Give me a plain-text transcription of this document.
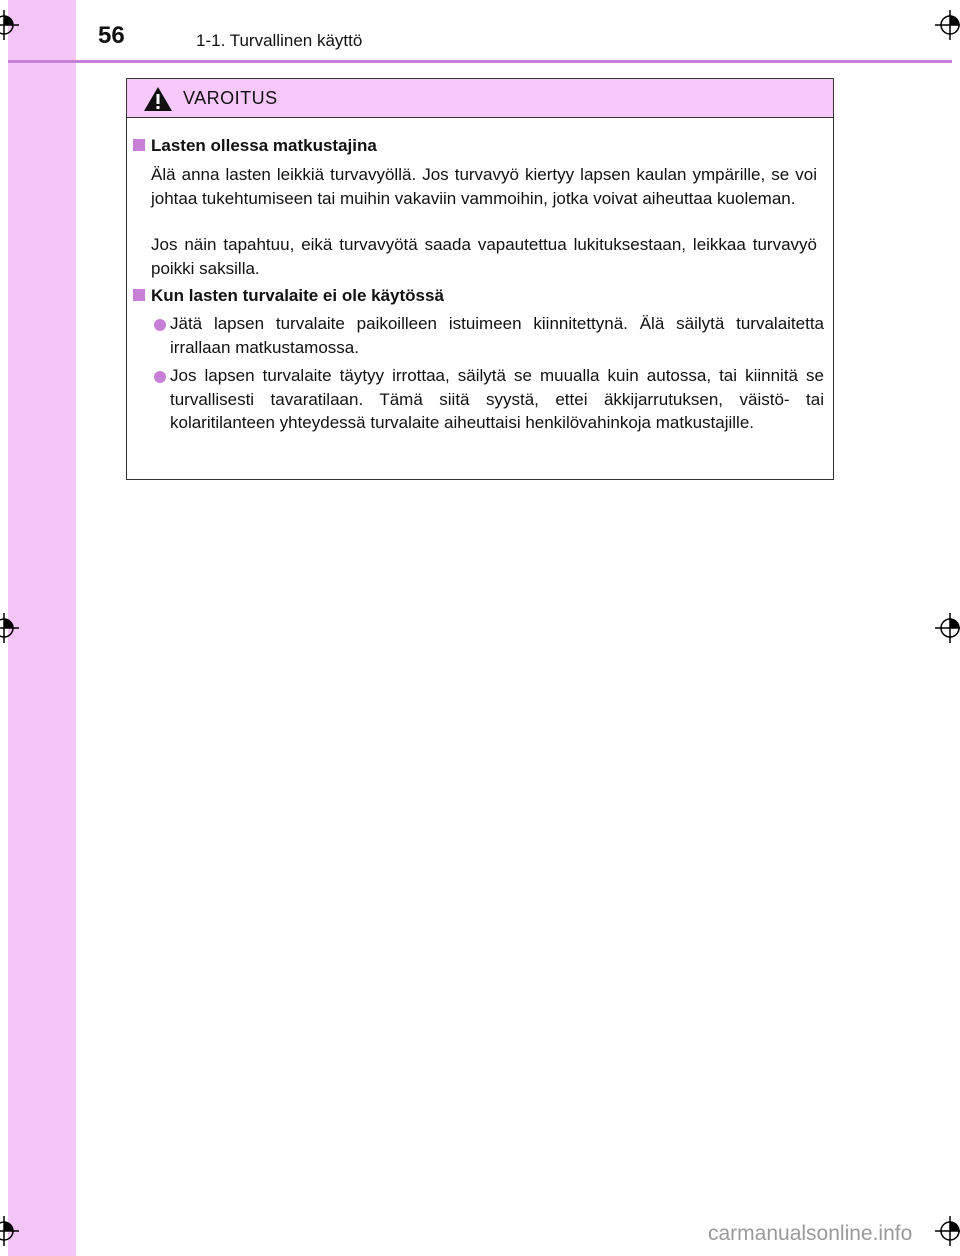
56	1-1. Turvallinen käyttö
VAROITUS
Lasten ollessa matkustajina

Älä anna lasten leikkiä turvavyöllä. Jos turvavyö kiertyy lapsen kaulan ympärille, se voi johtaa tukehtumiseen tai muihin vakaviin vammoihin, jotka voivat aiheuttaa kuoleman.

Jos näin tapahtuu, eikä turvavyötä saada vapautettua lukituksestaan, leikkaa turvavyö poikki saksilla.

Kun lasten turvalaite ei ole käytössä

Jätä lapsen turvalaite paikoilleen istuimeen kiinnitettynä. Älä säilytä turvalaitetta irrallaan matkustamossa.

Jos lapsen turvalaite täytyy irrottaa, säilytä se muualla kuin autossa, tai kiinnitä se turvallisesti tavaratilaan. Tämä siitä syystä, ettei äkkijarrutuksen, väistö- tai kolaritilanteen yhteydessä turvalaite aiheuttaisi henkilövahinkoja matkustajille.

carmanualsonline.info
